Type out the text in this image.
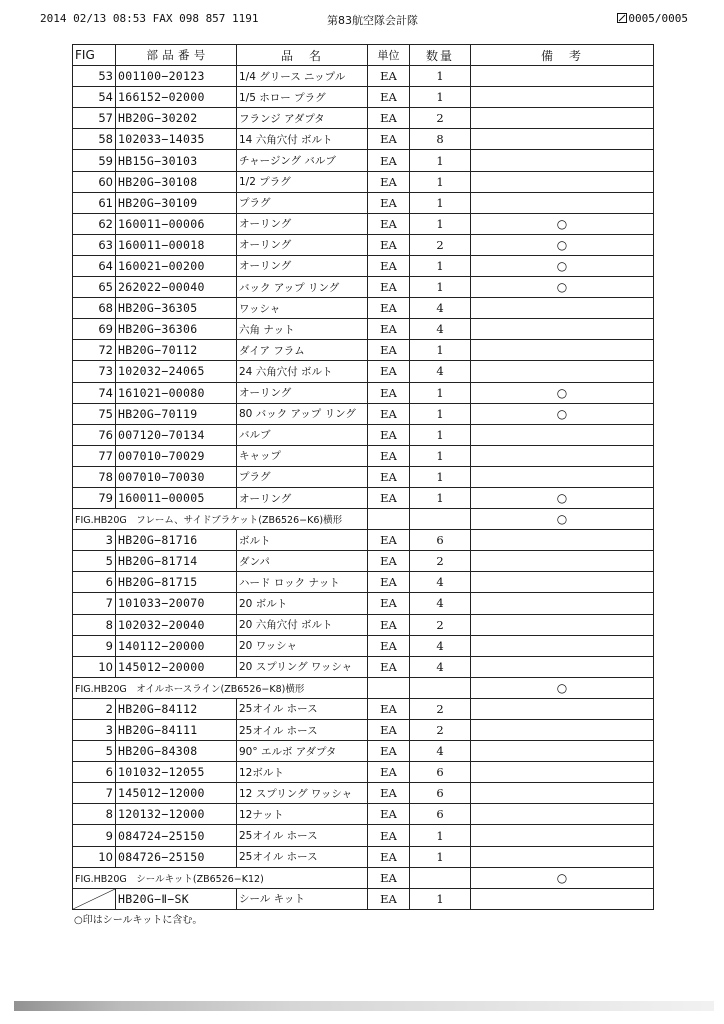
2014 02/13 08:53 FAX 098 857 1191	第83航空隊会計隊	0005/0005
FIG	部 品 番 号	品　名	単位	数量	備　考
53	001100−20123	1/4 グリース ニップル	EA	1	
54	166152−02000	1/5 ホロー プラグ	EA	1	
57	HB20G−30202	フランジ アダプタ	EA	2	
58	102033−14035	14 六角穴付 ボルト	EA	8	
59	HB15G−30103	チャージング バルブ	EA	1	
60	HB20G−30108	1/2 プラグ	EA	1	
61	HB20G−30109	プラグ	EA	1	
62	160011−00006	オーリング	EA	1	○
63	160011−00018	オーリング	EA	2	○
64	160021−00200	オーリング	EA	1	○
65	262022−00040	バック アップ リング	EA	1	○
68	HB20G−36305	ワッシャ	EA	4	
69	HB20G−36306	六角 ナット	EA	4	
72	HB20G−70112	ダイア フラム	EA	1	
73	102032−24065	24 六角穴付 ボルト	EA	4	
74	161021−00080	オーリング	EA	1	○
75	HB20G−70119	80 バック アップ リング	EA	1	○
76	007120−70134	バルブ	EA	1	
77	007010−70029	キャップ	EA	1	
78	007010−70030	プラグ	EA	1	
79	160011−00005	オーリング	EA	1	○
FIG.HB20G　フレーム、サイドブラケット(ZB6526−K6)横形					○
3	HB20G−81716	ボルト	EA	6	
5	HB20G−81714	ダンパ	EA	2	
6	HB20G−81715	ハード ロック ナット	EA	4	
7	101033−20070	20 ボルト	EA	4	
8	102032−20040	20 六角穴付 ボルト	EA	2	
9	140112−20000	20 ワッシャ	EA	4	
10	145012−20000	20 スプリング ワッシャ	EA	4	
FIG.HB20G　オイルホースライン(ZB6526−K8)横形					○
2	HB20G−84112	25オイル ホース	EA	2	
3	HB20G−84111	25オイル ホース	EA	2	
5	HB20G−84308	90° エルボ アダプタ	EA	4	
6	101032−12055	12ボルト	EA	6	
7	145012−12000	12 スプリング ワッシャ	EA	6	
8	120132−12000	12ナット	EA	6	
9	084724−25150	25オイル ホース	EA	1	
10	084726−25150	25オイル ホース	EA	1	
FIG.HB20G　シールキット(ZB6526−K12)			EA		○

	HB20G−Ⅱ−SK	シール キット	EA	1	
○印はシールキットに含む。
